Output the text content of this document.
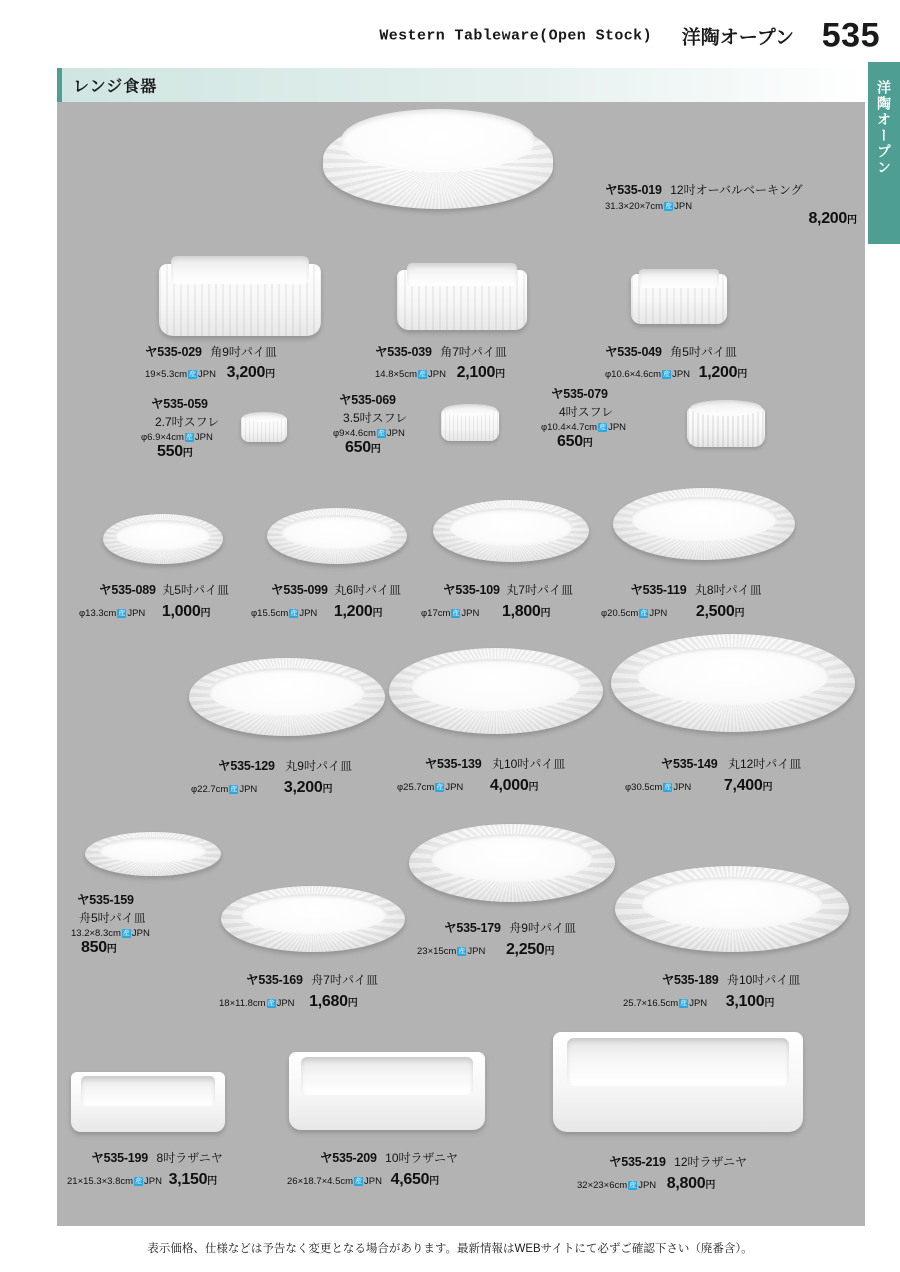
Western Tableware(Open Stock) 洋陶オープン 535
洋陶オープン
レンジ食器
ヤ535-019 12吋オーバルベーキング
31.3×20×7cm 産 JPN
8,200円
ヤ535-029 角9吋パイ皿
19×5.3cm 産 JPN 3,200円
ヤ535-039 角7吋パイ皿
14.8×5cm 産 JPN 2,100円
ヤ535-049 角5吋パイ皿
φ10.6×4.6cm 産 JPN 1,200円
ヤ535-059
2.7吋スフレ
φ6.9×4cm 産 JPN
550円
ヤ535-069
3.5吋スフレ
φ9×4.6cm 産 JPN
650円
ヤ535-079
4吋スフレ
φ10.4×4.7cm 産 JPN
650円
ヤ535-089 丸5吋パイ皿
φ13.3cm 産 JPN 1,000円
ヤ535-099 丸6吋パイ皿
φ15.5cm 産 JPN 1,200円
ヤ535-109 丸7吋パイ皿
φ17cm 産 JPN 1,800円
ヤ535-119 丸8吋パイ皿
φ20.5cm 産 JPN 2,500円
ヤ535-129 丸9吋パイ皿
φ22.7cm 産 JPN 3,200円
ヤ535-139 丸10吋パイ皿
φ25.7cm 産 JPN 4,000円
ヤ535-149 丸12吋パイ皿
φ30.5cm 産 JPN 7,400円
ヤ535-159
舟5吋パイ皿
13.2×8.3cm 産 JPN
850円
ヤ535-169 舟7吋パイ皿
18×11.8cm 産 JPN 1,680円
ヤ535-179 舟9吋パイ皿
23×15cm 産 JPN 2,250円
ヤ535-189 舟10吋パイ皿
25.7×16.5cm 産 JPN 3,100円
ヤ535-199 8吋ラザニヤ
21×15.3×3.8cm 産 JPN 3,150円
ヤ535-209 10吋ラザニヤ
26×18.7×4.5cm 産 JPN 4,650円
ヤ535-219 12吋ラザニヤ
32×23×6cm 産 JPN 8,800円
表示価格、仕様などは予告なく変更となる場合があります。最新情報はWEBサイトにて必ずご確認下さい（廃番含）。
